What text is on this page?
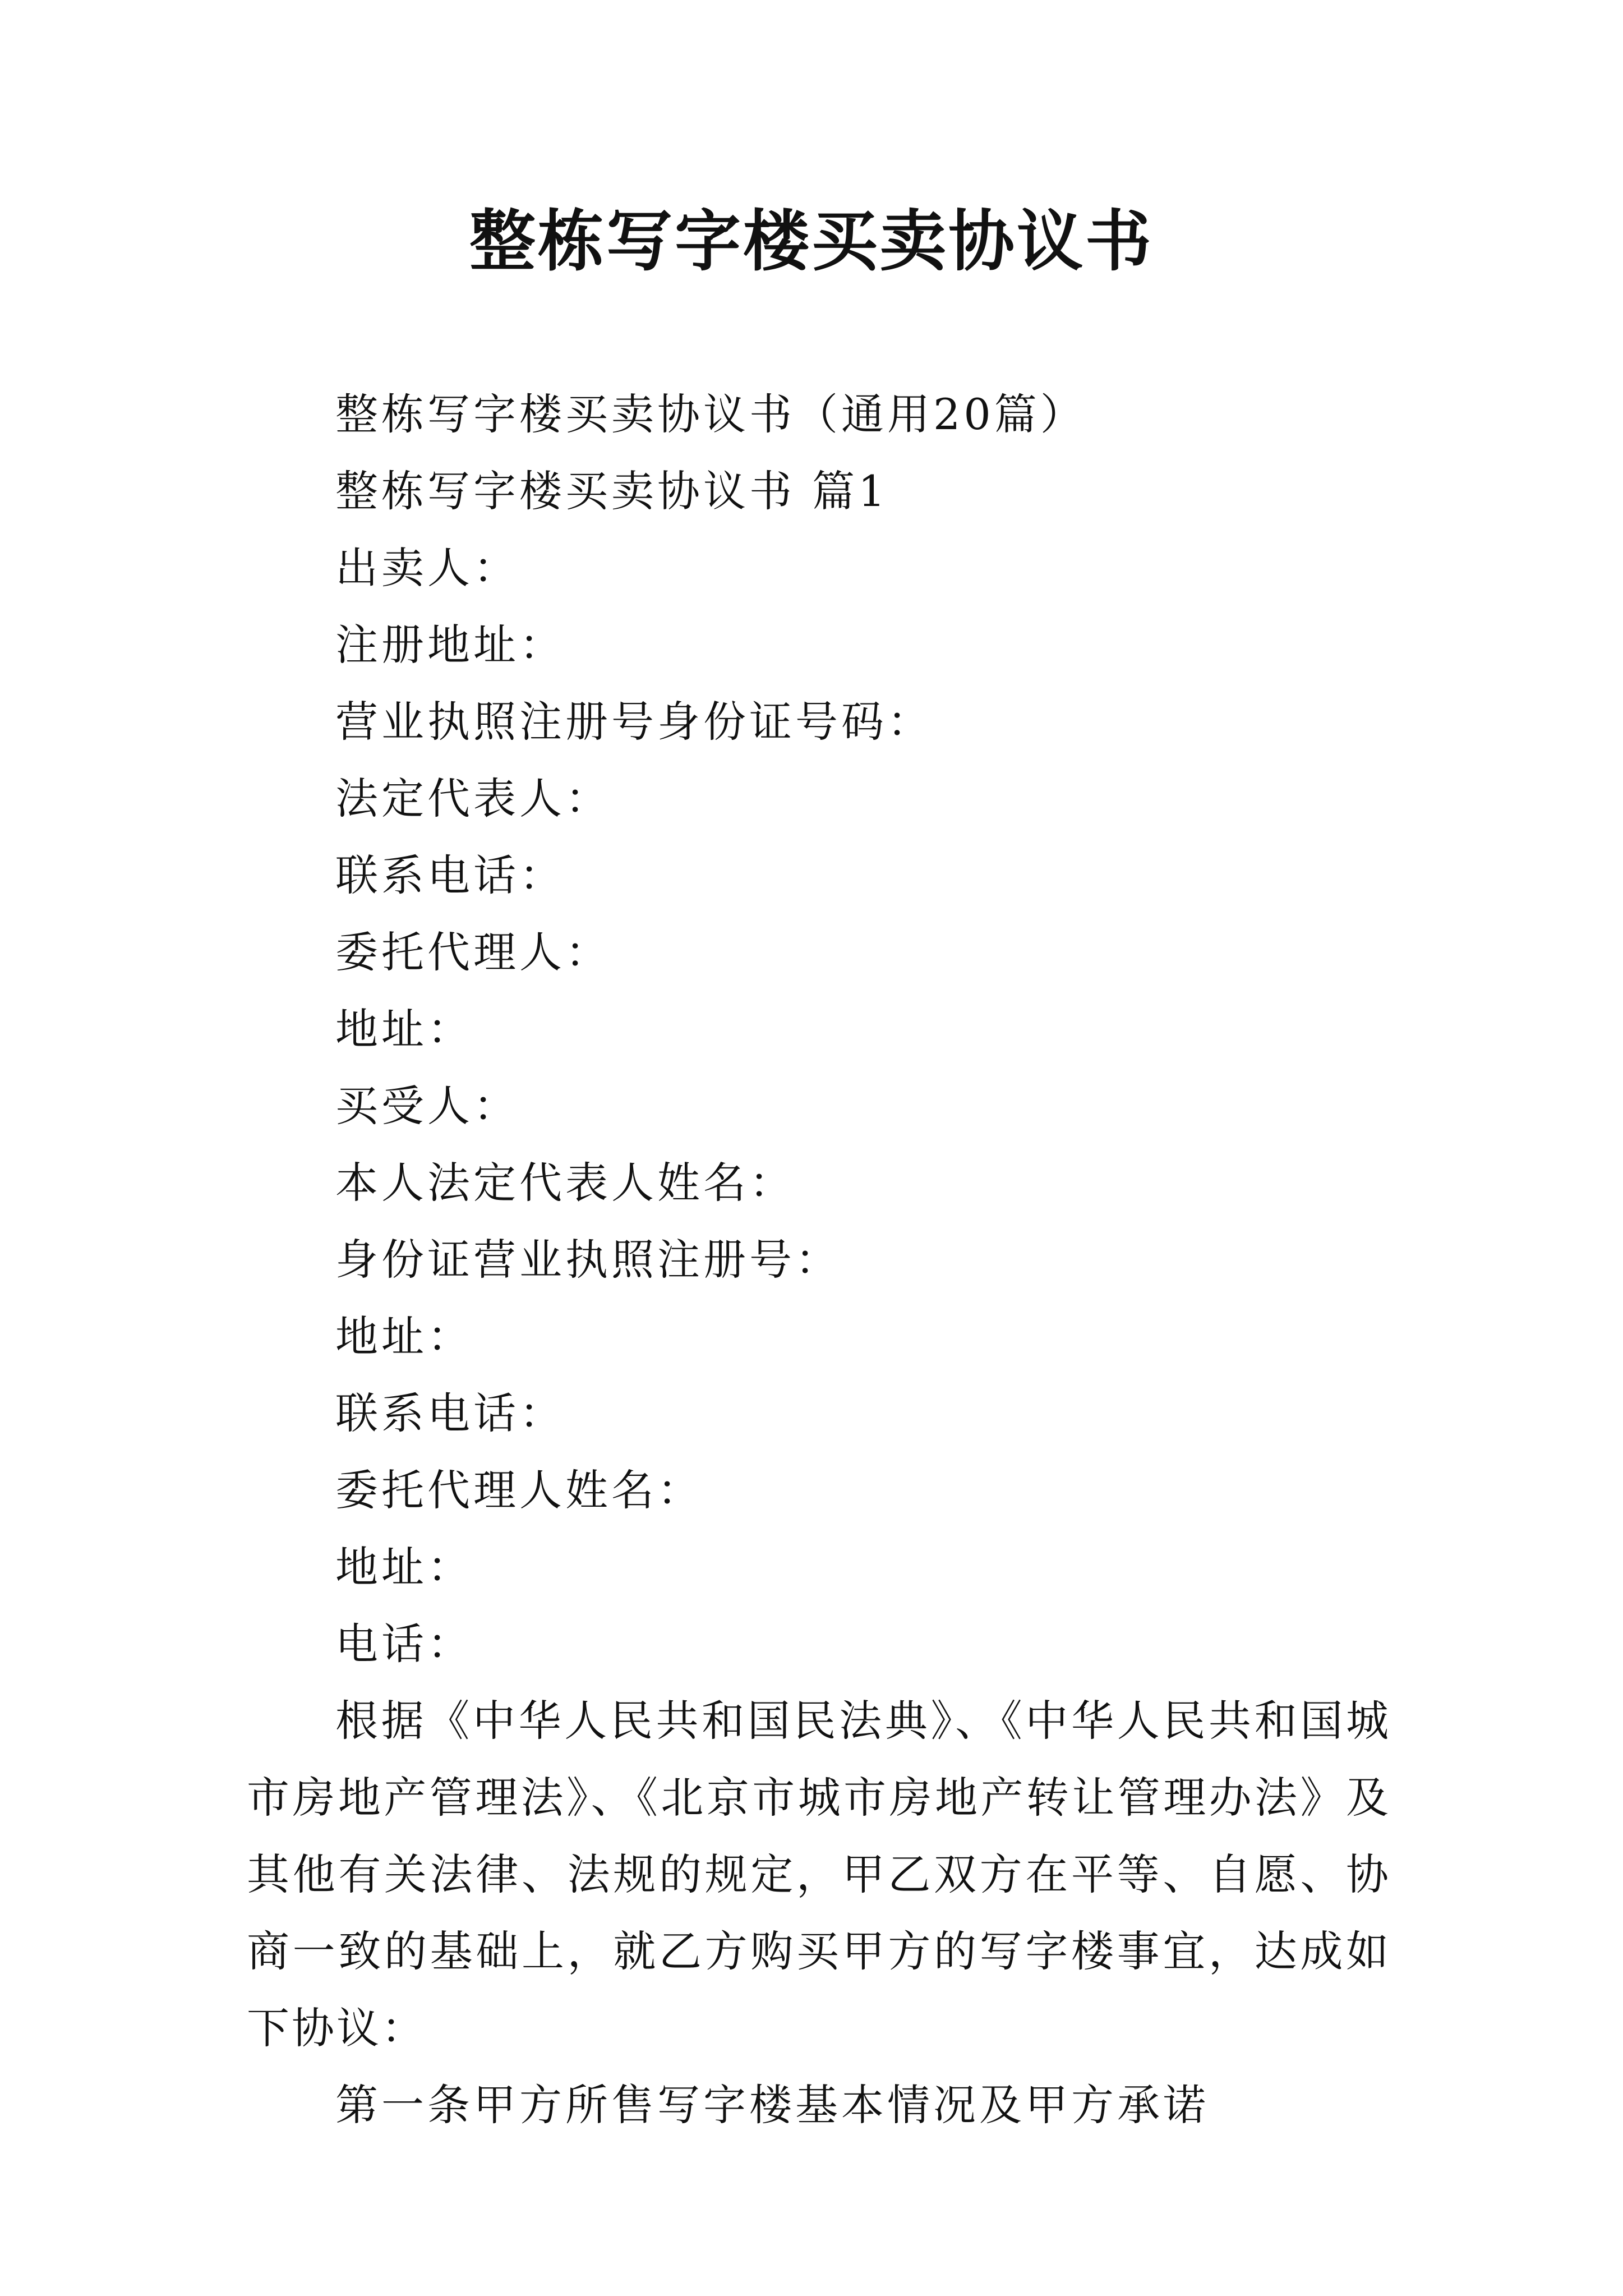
整栋写字楼买卖协议书
整栋写字楼买卖协议书（通用20篇）
整栋写字楼买卖协议书 篇1
出卖人：
注册地址：
营业执照注册号身份证号码：
法定代表人：
联系电话：
委托代理人：
地址：
买受人：
本人法定代表人姓名：
身份证营业执照注册号：
地址：
联系电话：
委托代理人姓名：
地址：
电话：
根据《中华人民共和国民法典》、《中华人民共和国城市房地产管理法》、《北京市城市房地产转让管理办法》及其他有关法律、法规的规定，甲乙双方在平等、自愿、协商一致的基础上，就乙方购买甲方的写字楼事宜，达成如下协议：
第一条甲方所售写字楼基本情况及甲方承诺
